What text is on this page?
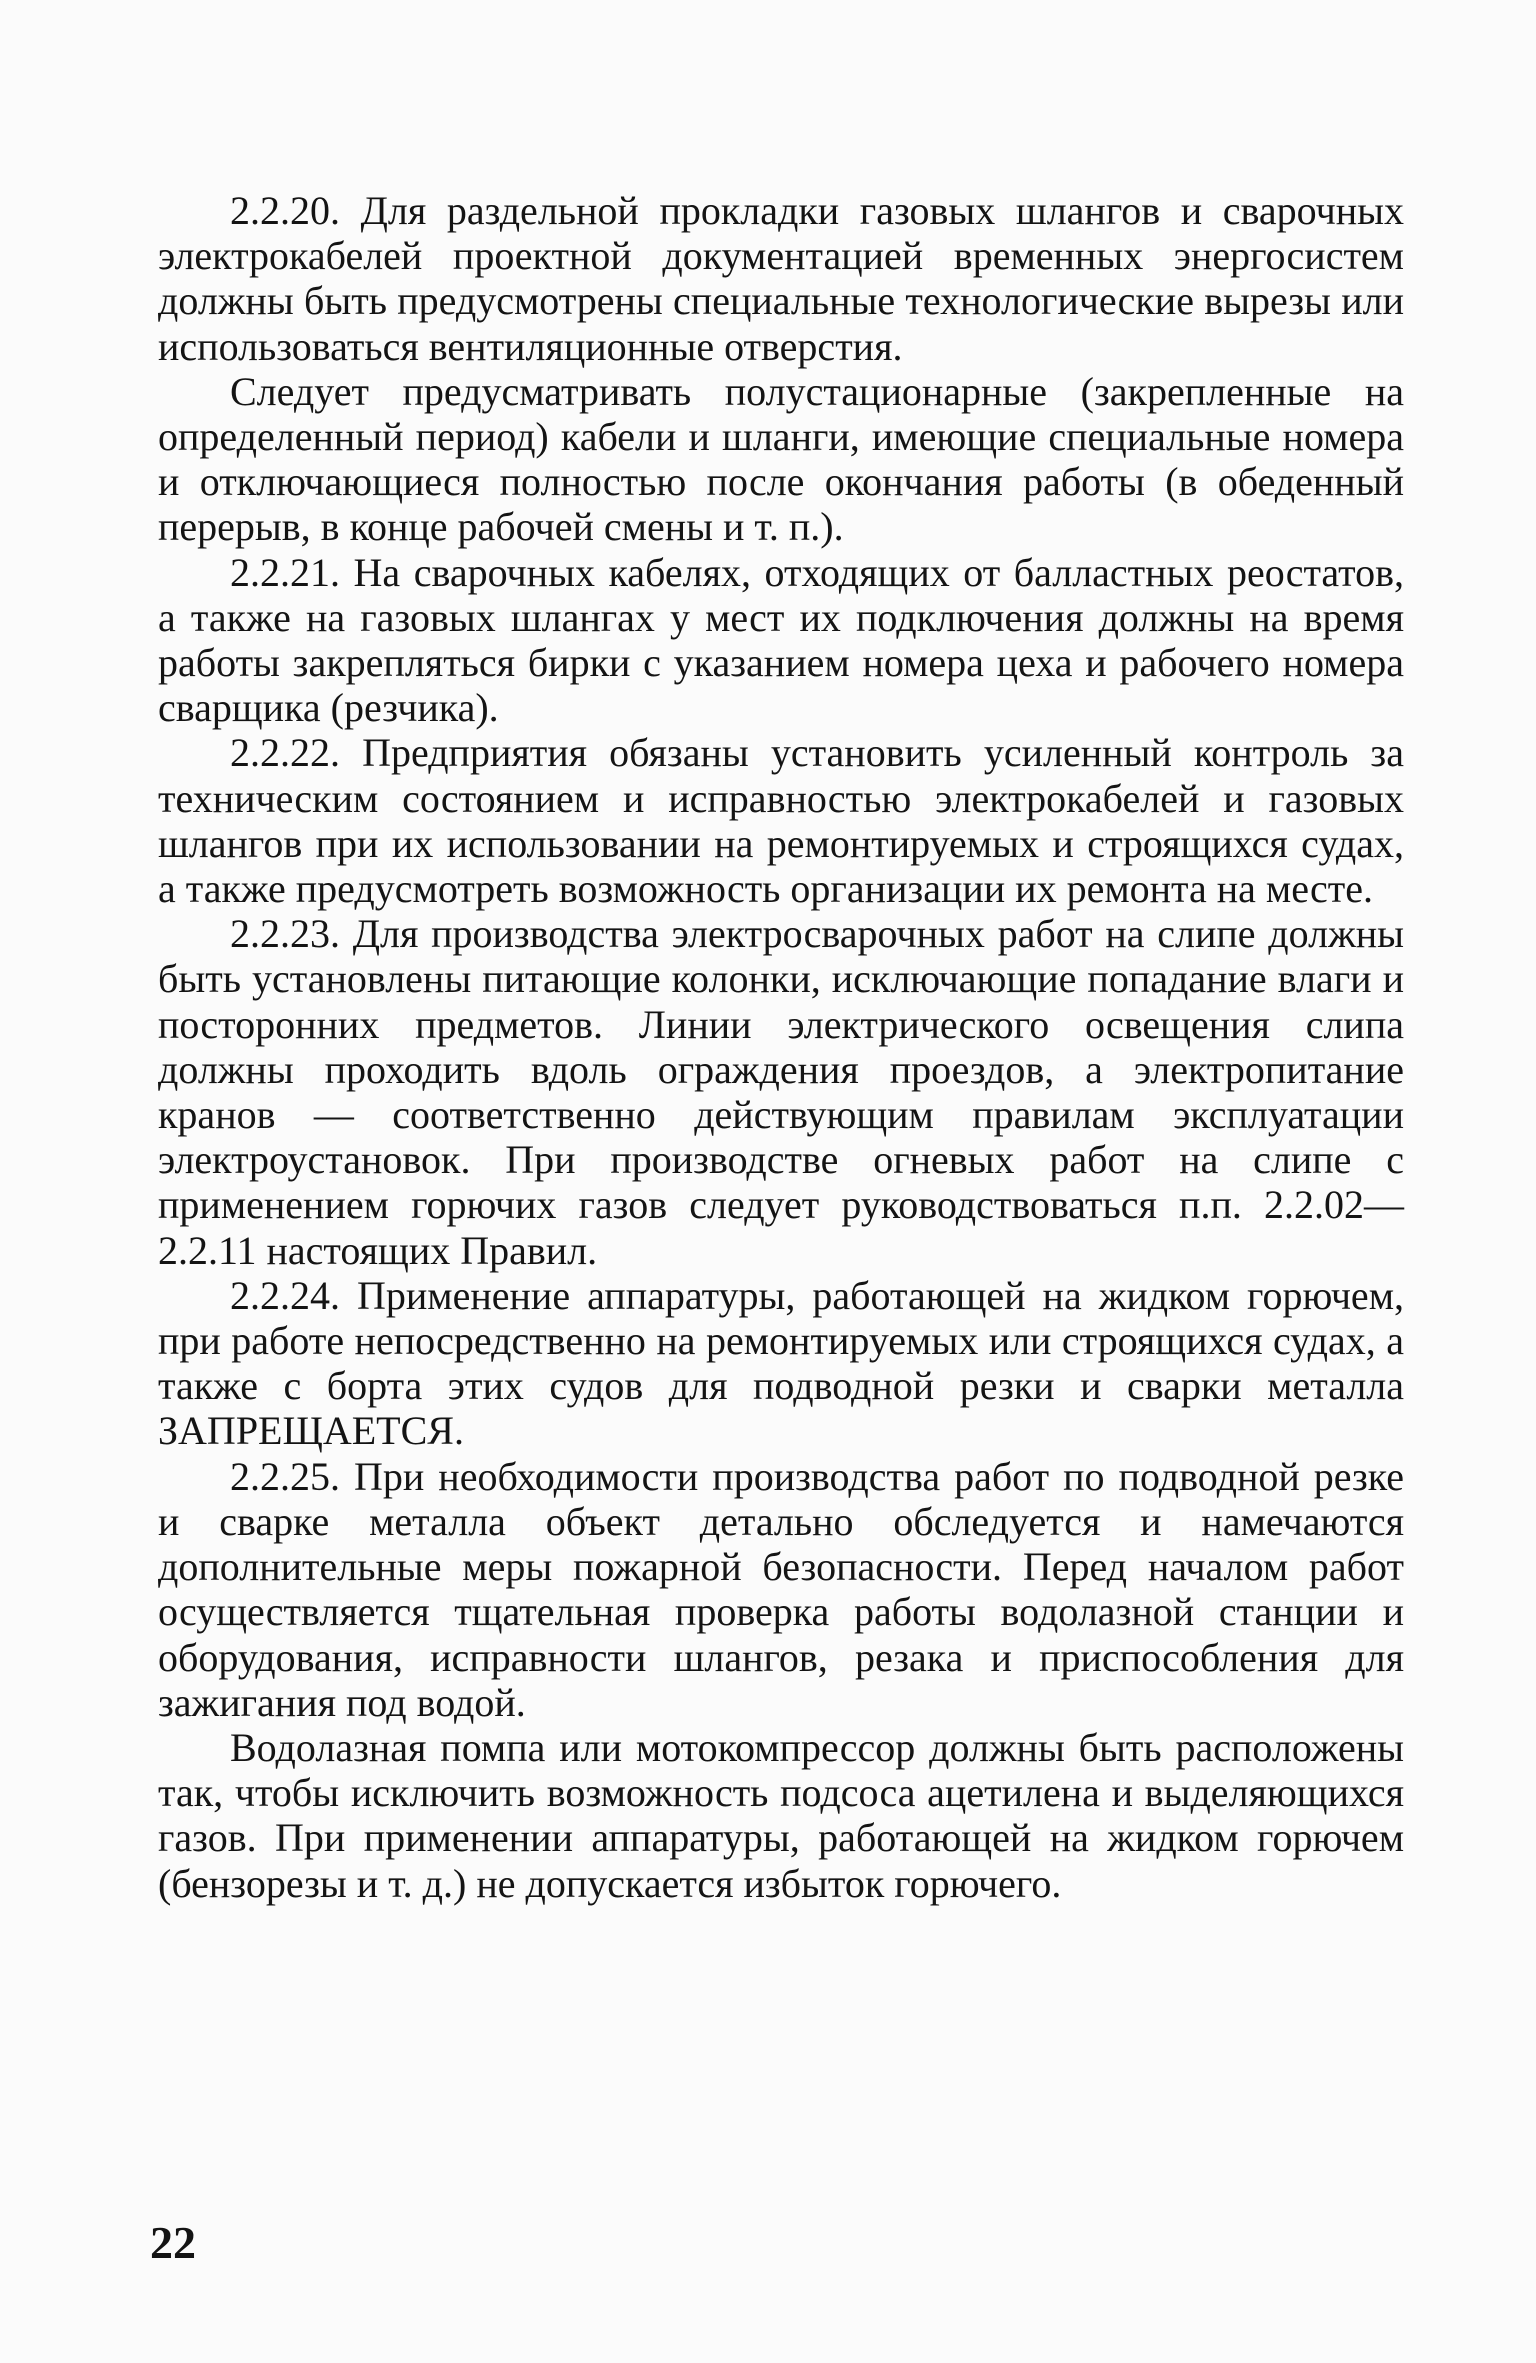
2.2.20. Для раздельной прокладки газовых шлангов и сварочных электрокабелей проектной документацией временных энергосистем должны быть предусмотрены специальные технологические вырезы или использоваться вентиляционные отверстия.

Следует предусматривать полустационарные (закрепленные на определенный период) кабели и шланги, имеющие специальные номера и отключающиеся полностью после окончания работы (в обеденный перерыв, в конце рабочей смены и т. п.).

2.2.21. На сварочных кабелях, отходящих от балластных реостатов, а также на газовых шлангах у мест их подключения должны на время работы закрепляться бирки с указанием номера цеха и рабочего номера сварщика (резчика).

2.2.22. Предприятия обязаны установить усиленный контроль за техническим состоянием и исправностью электрокабелей и газовых шлангов при их использовании на ремонтируемых и строящихся судах, а также предусмотреть возможность организации их ремонта на месте.

2.2.23. Для производства электросварочных работ на слипе должны быть установлены питающие колонки, исключающие попадание влаги и посторонних предметов. Линии электрического освещения слипа должны проходить вдоль ограждения проездов, а электропитание кранов — соответственно действующим правилам эксплуатации электроустановок. При производстве огневых работ на слипе с применением горючих газов следует руководствоваться п.п. 2.2.02—2.2.11 настоящих Правил.

2.2.24. Применение аппаратуры, работающей на жидком горючем, при работе непосредственно на ремонтируемых или строящихся судах, а также с борта этих судов для подводной резки и сварки металла ЗАПРЕЩАЕТСЯ.

2.2.25. При необходимости производства работ по подводной резке и сварке металла объект детально обследуется и намечаются дополнительные меры пожарной безопасности. Перед началом работ осуществляется тщательная проверка работы водолазной станции и оборудования, исправности шлангов, резака и приспособления для зажигания под водой.

Водолазная помпа или мотокомпрессор должны быть расположены так, чтобы исключить возможность подсоса ацетилена и выделяющихся газов. При применении аппаратуры, работающей на жидком горючем (бензорезы и т. д.) не допускается избыток горючего.

22
